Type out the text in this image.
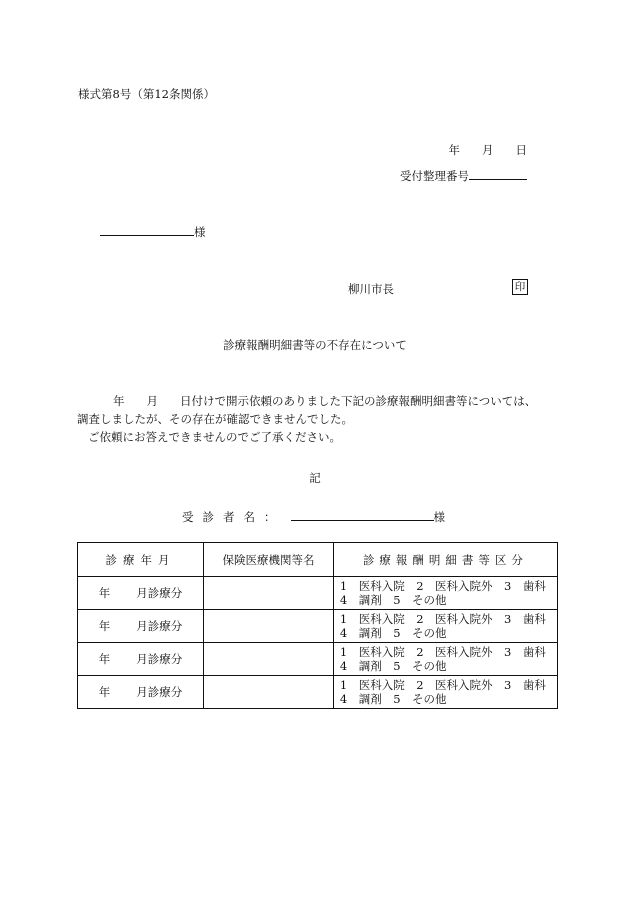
様式第8号（第12条関係）
年 月 日
受付整理番号
様
柳川市長	印
診療報酬明細書等の不存在について

年 月 日付けで開示依頼のありました下記の診療報酬明細書等については、

調査しましたが、その存在が確認できませんでした。

ご依頼にお答えできませんのでご了承ください。

記
受診者名：	様
診療年月	保険医療機関等名	診療報酬明細書等区分
年 月診療分		1　医科入院　2　医科入院外　3　歯科
4　調剤　5　その他

年 月診療分		1　医科入院　2　医科入院外　3　歯科
4　調剤　5　その他

年 月診療分		1　医科入院　2　医科入院外　3　歯科
4　調剤　5　その他

年 月診療分		1　医科入院　2　医科入院外　3　歯科
4　調剤　5　その他
